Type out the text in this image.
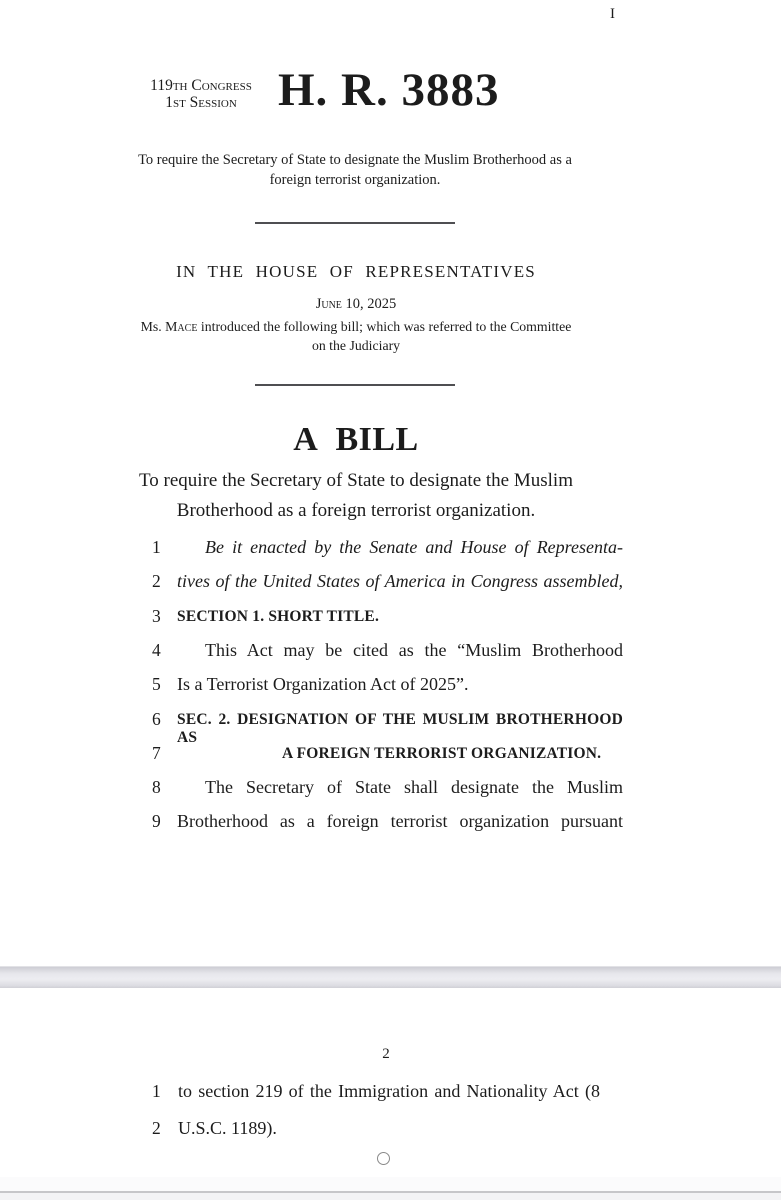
I
119th Congress
1st Session H. R. 3883
To require the Secretary of State to designate the Muslim Brotherhood as a foreign terrorist organization.
IN THE HOUSE OF REPRESENTATIVES
June 10, 2025
Ms. Mace introduced the following bill; which was referred to the Committee on the Judiciary
A BILL
To require the Secretary of State to designate the Muslim
Brotherhood as a foreign terrorist organization.
1	Be it enacted by the Senate and House of Representa-
2 tives of the United States of America in Congress assembled,
3 SECTION 1. SHORT TITLE.
4	This Act may be cited as the “Muslim Brotherhood
5 Is a Terrorist Organization Act of 2025”.
6 SEC. 2. DESIGNATION OF THE MUSLIM BROTHERHOOD AS
7	A FOREIGN TERRORIST ORGANIZATION.
8	The Secretary of State shall designate the Muslim
9 Brotherhood as a foreign terrorist organization pursuant
2
1 to section 219 of the Immigration and Nationality Act (8
2 U.S.C. 1189).
